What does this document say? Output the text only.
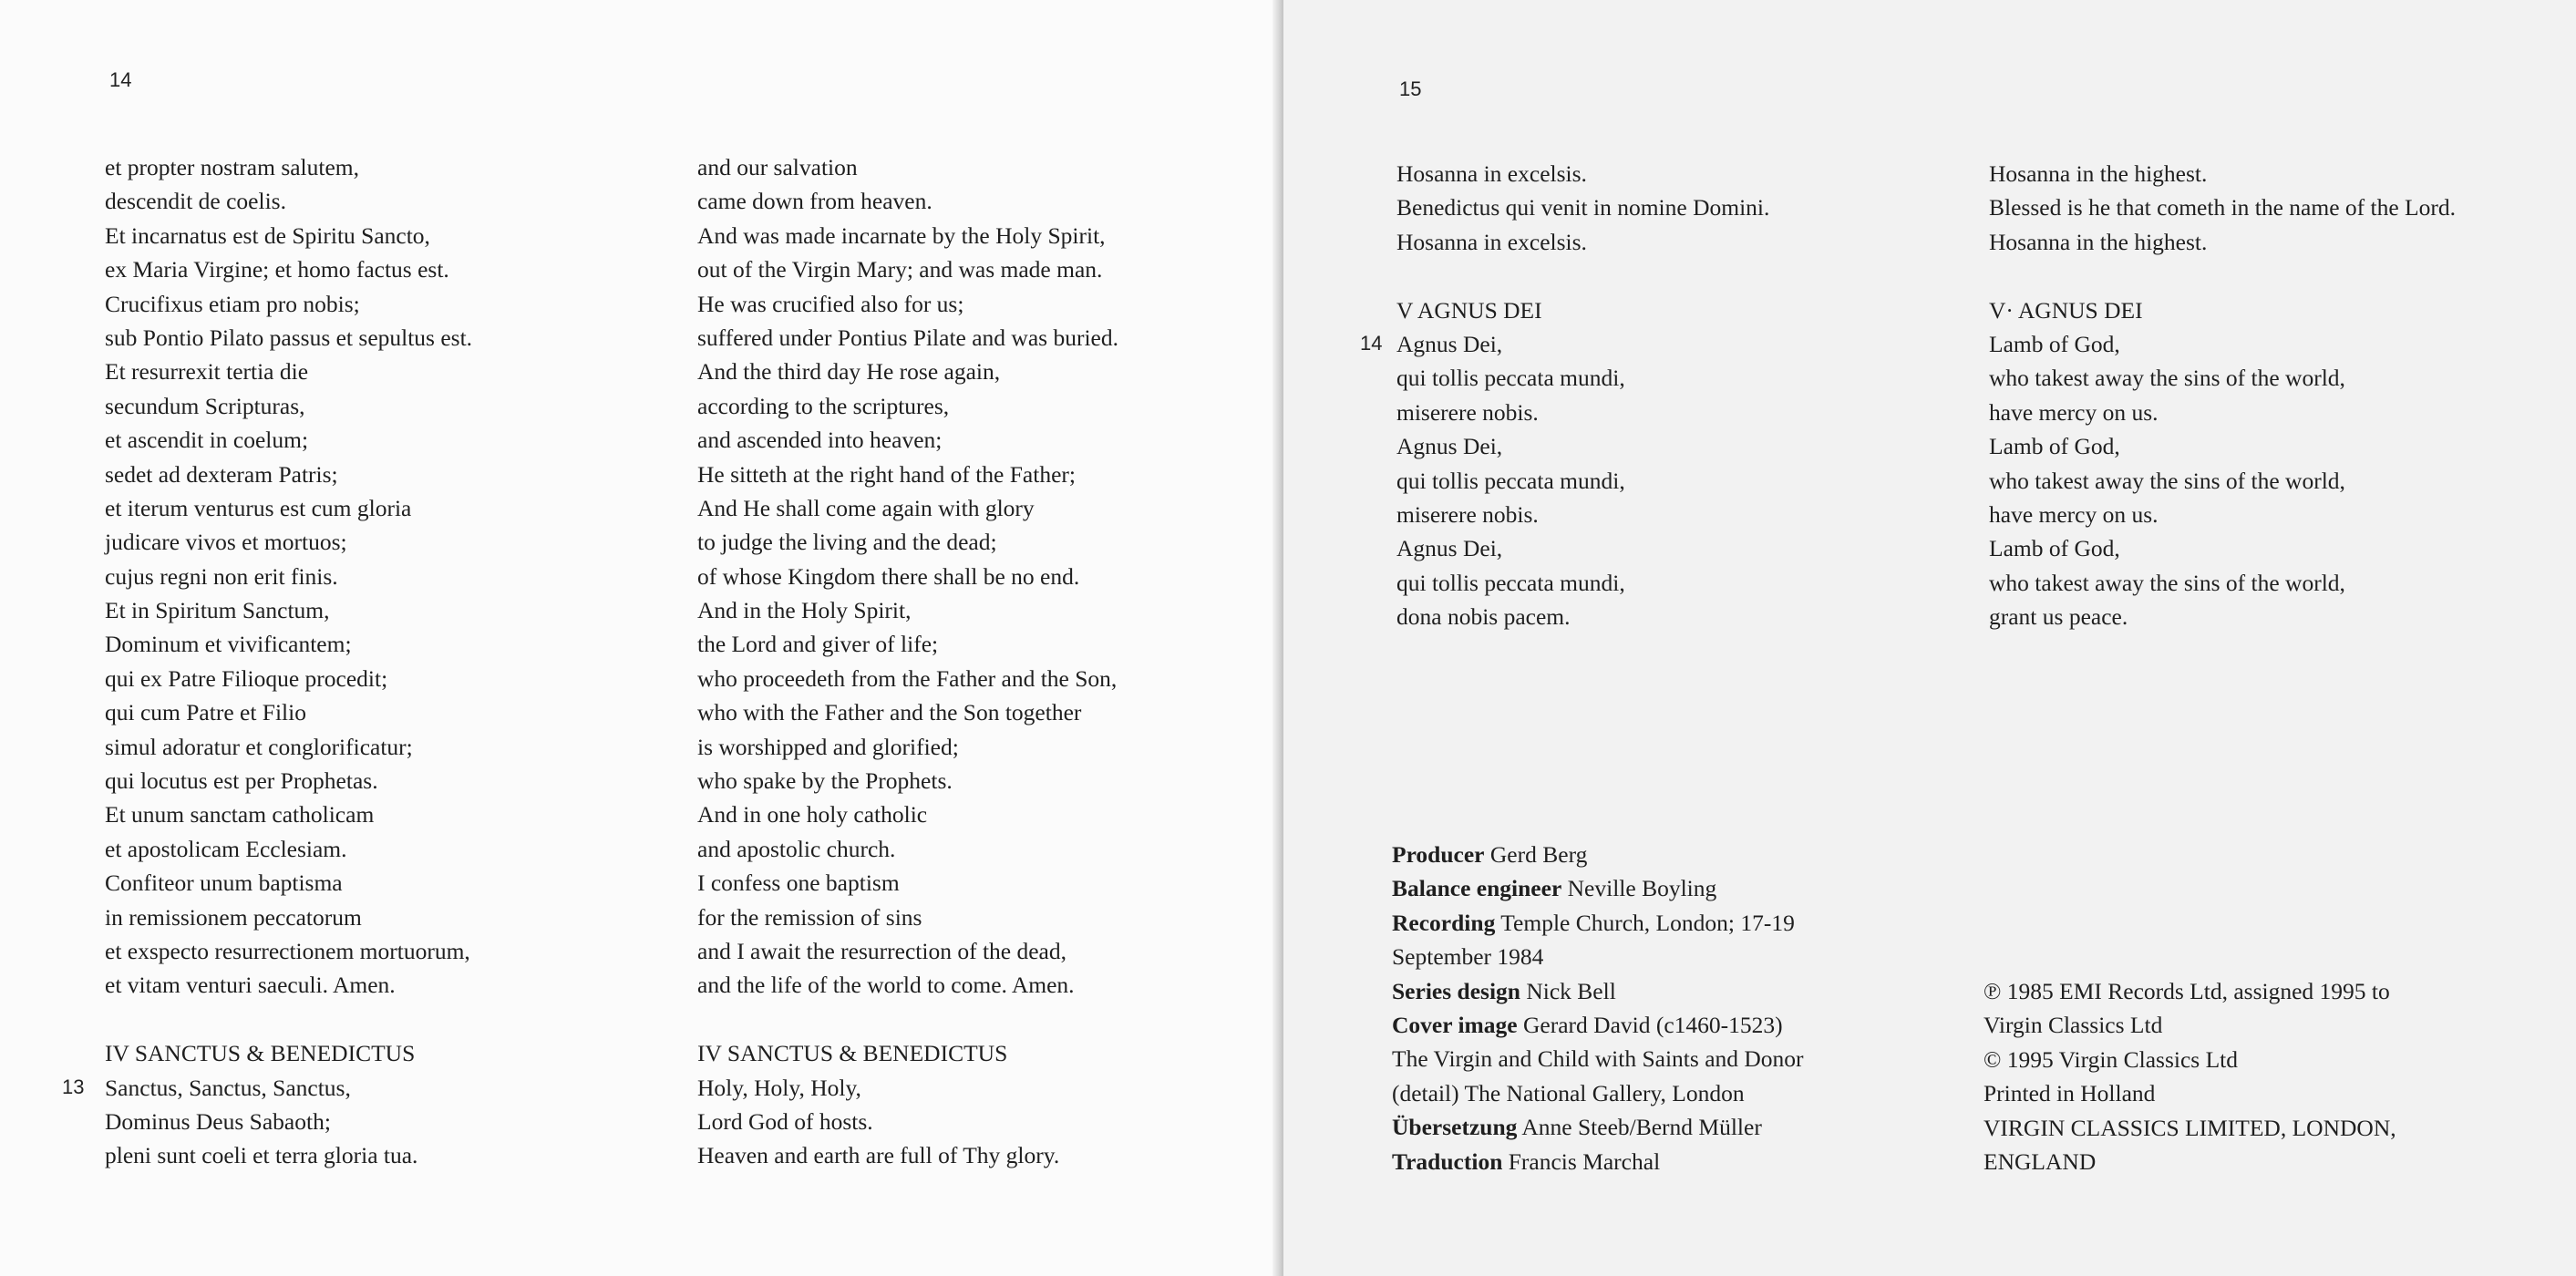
14
et propter nostram salutem,
descendit de coelis.
Et incarnatus est de Spiritu Sancto,
ex Maria Virgine; et homo factus est.
Crucifixus etiam pro nobis;
sub Pontio Pilato passus et sepultus est.
Et resurrexit tertia die
secundum Scripturas,
et ascendit in coelum;
sedet ad dexteram Patris;
et iterum venturus est cum gloria
judicare vivos et mortuos;
cujus regni non erit finis.
Et in Spiritum Sanctum,
Dominum et vivificantem;
qui ex Patre Filioque procedit;
qui cum Patre et Filio
simul adoratur et conglorificatur;
qui locutus est per Prophetas.
Et unum sanctam catholicam
et apostolicam Ecclesiam.
Confiteor unum baptisma
in remissionem peccatorum
et exspecto resurrectionem mortuorum,
et vitam venturi saeculi. Amen.
IV SANCTUS & BENEDICTUS
Sanctus, Sanctus, Sanctus,
Dominus Deus Sabaoth;
pleni sunt coeli et terra gloria tua.
13
and our salvation
came down from heaven.
And was made incarnate by the Holy Spirit,
out of the Virgin Mary; and was made man.
He was crucified also for us;
suffered under Pontius Pilate and was buried.
And the third day He rose again,
according to the scriptures,
and ascended into heaven;
He sitteth at the right hand of the Father;
And He shall come again with glory
to judge the living and the dead;
of whose Kingdom there shall be no end.
And in the Holy Spirit,
the Lord and giver of life;
who proceedeth from the Father and the Son,
who with the Father and the Son together
is worshipped and glorified;
who spake by the Prophets.
And in one holy catholic
and apostolic church.
I confess one baptism
for the remission of sins
and I await the resurrection of the dead,
and the life of the world to come. Amen.
IV SANCTUS & BENEDICTUS
Holy, Holy, Holy,
Lord God of hosts.
Heaven and earth are full of Thy glory.
15
Hosanna in excelsis.
Benedictus qui venit in nomine Domini.
Hosanna in excelsis.
V AGNUS DEI
Agnus Dei,
qui tollis peccata mundi,
miserere nobis.
Agnus Dei,
qui tollis peccata mundi,
miserere nobis.
Agnus Dei,
qui tollis peccata mundi,
dona nobis pacem.
14
Hosanna in the highest.
Blessed is he that cometh in the name of the Lord.
Hosanna in the highest.
V· AGNUS DEI
Lamb of God,
who takest away the sins of the world,
have mercy on us.
Lamb of God,
who takest away the sins of the world,
have mercy on us.
Lamb of God,
who takest away the sins of the world,
grant us peace.
Producer Gerd Berg
Balance engineer Neville Boyling
Recording Temple Church, London; 17-19
September 1984
Series design Nick Bell
Cover image Gerard David (c1460-1523)
The Virgin and Child with Saints and Donor
(detail) The National Gallery, London
Übersetzung Anne Steeb/Bernd Müller
Traduction Francis Marchal
℗ 1985 EMI Records Ltd, assigned 1995 to
Virgin Classics Ltd
© 1995 Virgin Classics Ltd
Printed in Holland
VIRGIN CLASSICS LIMITED, LONDON,
ENGLAND
